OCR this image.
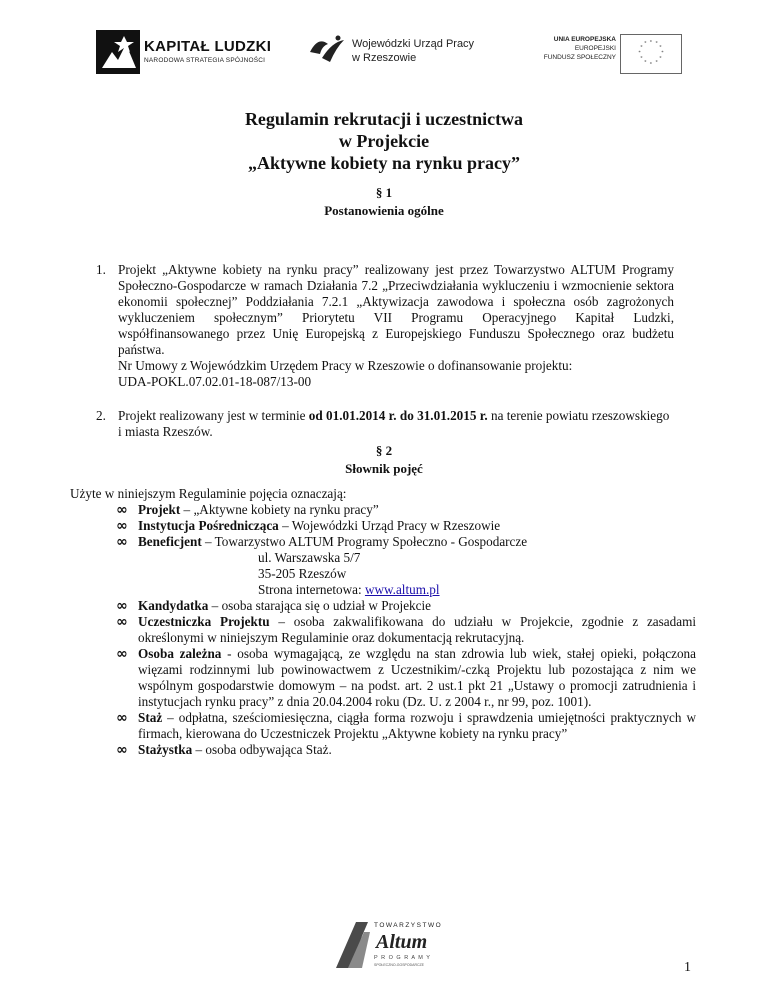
KAPITAŁ LUDZKI
NARODOWA STRATEGIA SPÓJNOŚCI
Wojewódzki Urząd Pracy
w Rzeszowie
UNIA EUROPEJSKA
EUROPEJSKI
FUNDUSZ SPOŁECZNY
* *
*
*
*
*
*
*
*
*
*
*
Regulamin rekrutacji i uczestnictwa
w Projekcie
„Aktywne kobiety na rynku pracy”
§ 1
Postanowienia ogólne
1. Projekt „Aktywne kobiety na rynku pracy” realizowany jest przez Towarzystwo ALTUM Programy Społeczno-Gospodarcze w ramach Działania 7.2 „Przeciwdziałania wykluczeniu i wzmocnienie sektora ekonomii społecznej” Poddziałania 7.2.1 „Aktywizacja zawodowa i społeczna osób zagrożonych wykluczeniem społecznym” Priorytetu VII Programu Operacyjnego Kapitał Ludzki, współfinansowanego przez Unię Europejską z Europejskiego Funduszu Społecznego oraz budżetu państwa.
Nr Umowy z Wojewódzkim Urzędem Pracy w Rzeszowie o dofinansowanie projektu:
UDA-POKL.07.02.01-18-087/13-00
2. Projekt realizowany jest w terminie od 01.01.2014 r. do 31.01.2015 r. na terenie powiatu rzeszowskiego i miasta Rzeszów.
§ 2
Słownik pojęć
Użyte w niniejszym Regulaminie pojęcia oznaczają:
∞ Projekt – „Aktywne kobiety na rynku pracy”
∞ Instytucja Pośrednicząca – Wojewódzki Urząd Pracy w Rzeszowie
∞ Beneficjent – Towarzystwo ALTUM Programy Społeczno - Gospodarcze
ul. Warszawska 5/7
35-205 Rzeszów
Strona internetowa: www.altum.pl
∞ Kandydatka – osoba starająca się o udział w Projekcie
∞ Uczestniczka Projektu – osoba zakwalifikowana do udziału w Projekcie, zgodnie z zasadami określonymi w niniejszym Regulaminie oraz dokumentacją rekrutacyjną.
∞ Osoba zależna - osoba wymagającą, ze względu na stan zdrowia lub wiek, stałej opieki, połączona więzami rodzinnymi lub powinowactwem z Uczestnikim/-czką Projektu lub pozostająca z nim we wspólnym gospodarstwie domowym – na podst. art. 2 ust.1 pkt 21 „Ustawy o promocji zatrudnienia i instytucjach rynku pracy” z dnia 20.04.2004 roku (Dz. U. z 2004 r., nr 99, poz. 1001).
∞ Staż – odpłatna, sześciomiesięczna, ciągła forma rozwoju i sprawdzenia umiejętności praktycznych w firmach, kierowana do Uczestniczek Projektu „Aktywne kobiety na rynku pracy”
∞ Stażystka – osoba odbywająca Staż.
TOWARZYSTWO
Altum
P R O G R A M Y
SPOŁECZNO-GOSPODARCZE	1
